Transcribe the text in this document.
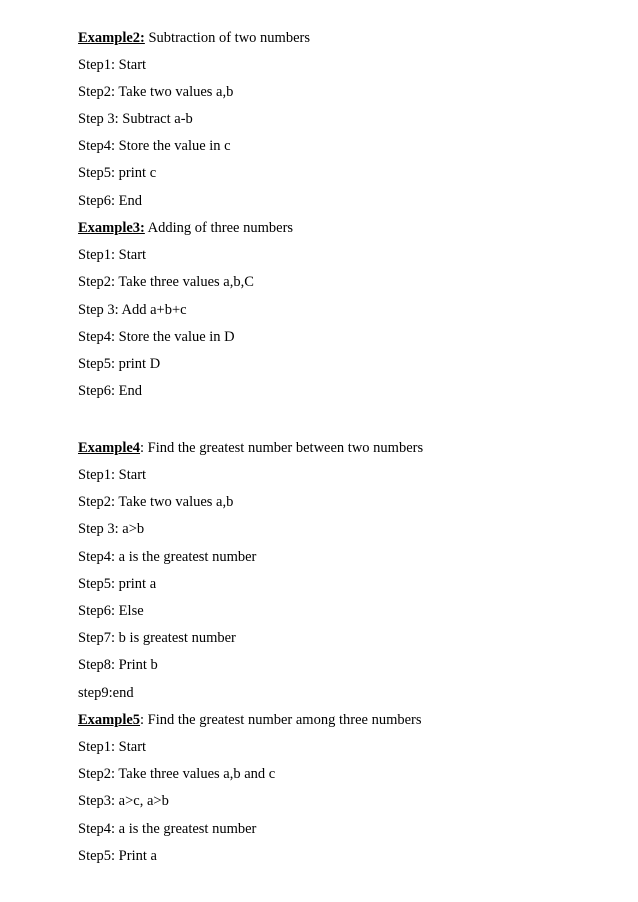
Example2: Subtraction of two numbers
Step1: Start
Step2: Take two values a,b
Step 3: Subtract a-b
Step4: Store the value in c
Step5: print c
Step6: End
Example3: Adding of three numbers
Step1: Start
Step2: Take three values a,b,C
Step 3: Add a+b+c
Step4: Store the value in D
Step5: print D
Step6: End
Example4: Find the greatest number between two numbers
Step1: Start
Step2: Take two values a,b
Step 3: a>b
Step4: a is the greatest number
Step5: print a
Step6: Else
Step7: b is greatest number
Step8: Print b
step9:end
Example5: Find the greatest number among three numbers
Step1: Start
Step2: Take three values a,b and c
Step3: a>c, a>b
Step4: a is the greatest number
Step5: Print a
